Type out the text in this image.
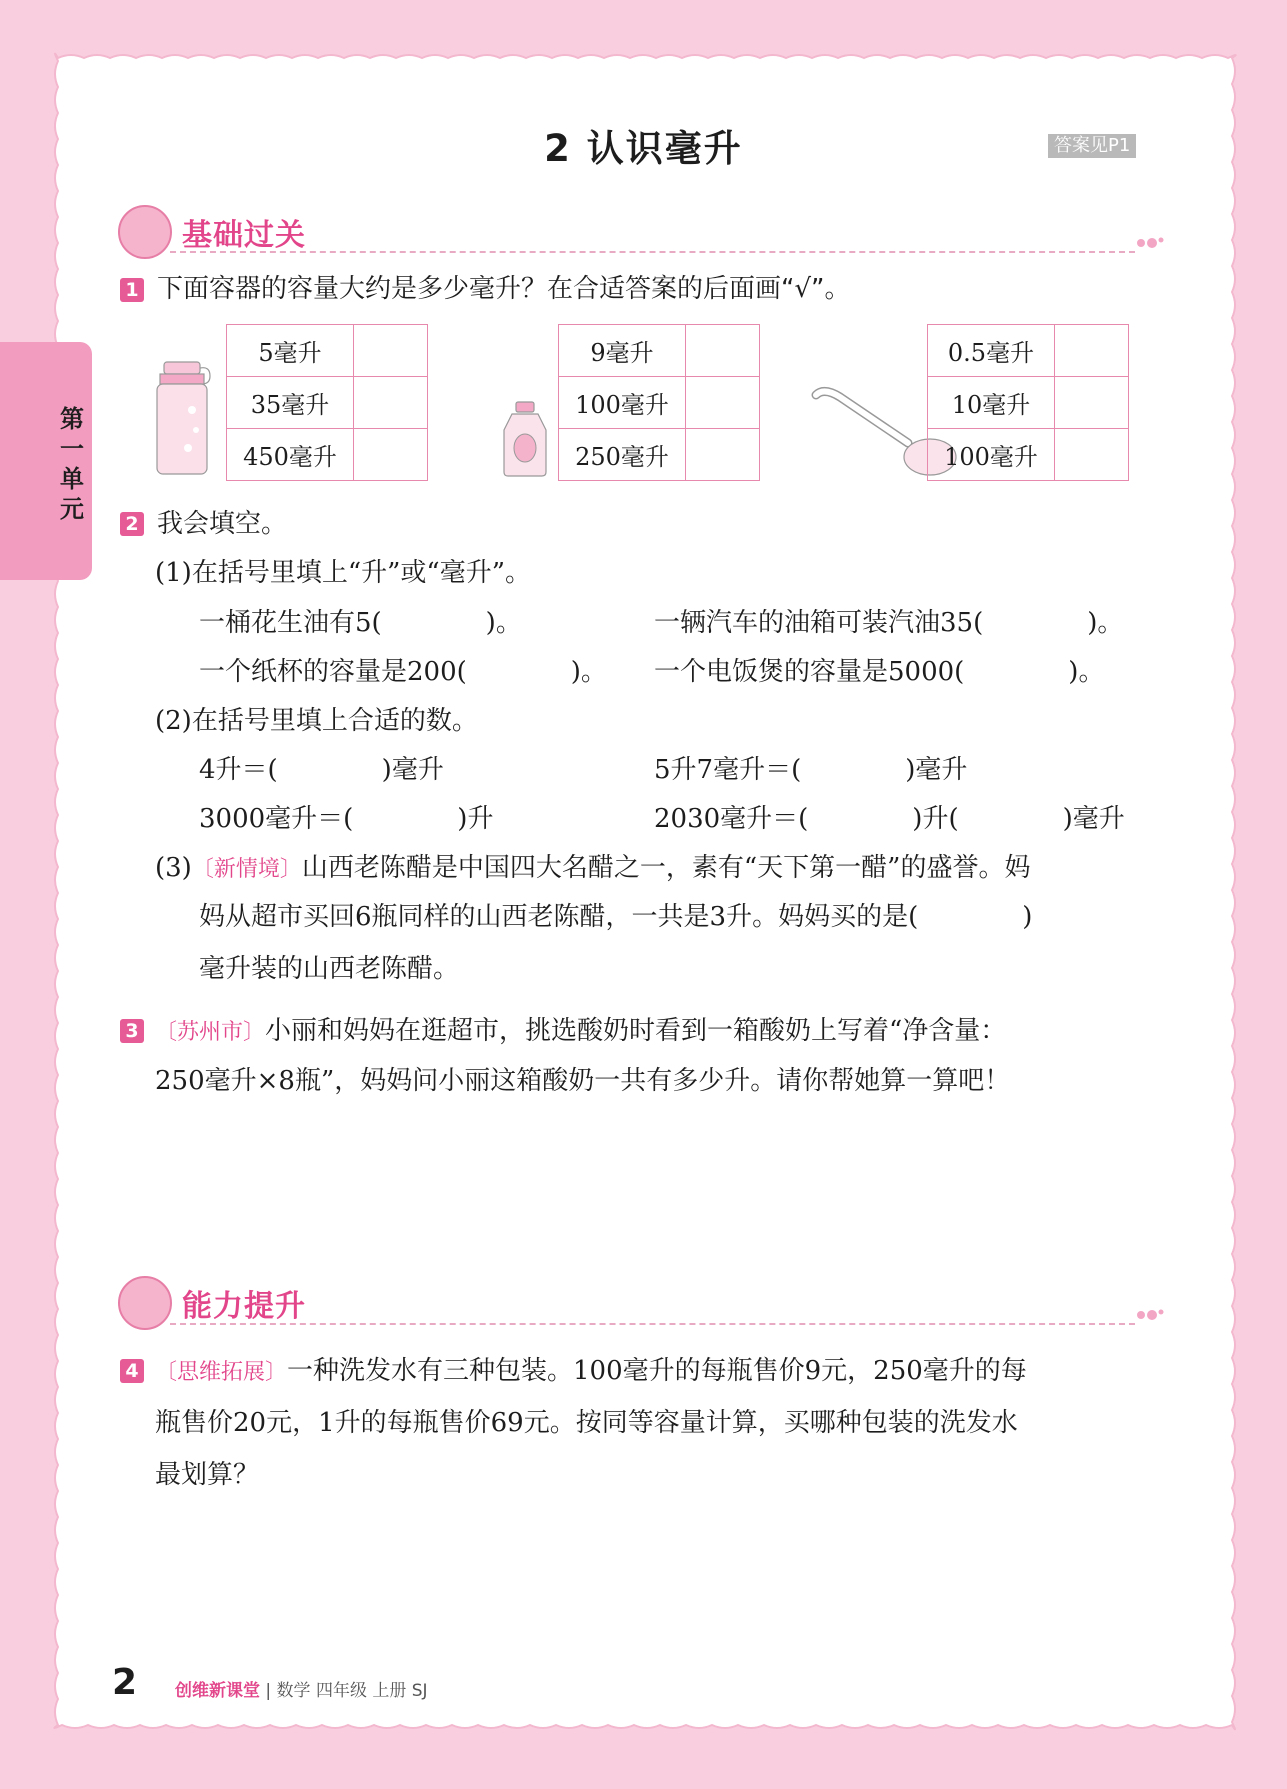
2 认识毫升	答案见P1
第
一
单
元
基础过关
1 下面容器的容量大约是多少毫升？在合适答案的后面画“√”。
5毫升	
35毫升	
450毫升	
9毫升	
100毫升	
250毫升	
0.5毫升	
10毫升	
100毫升	
2 我会填空。
(1)在括号里填上“升”或“毫升”。
一桶花生油有5(　　　　)。	一辆汽车的油箱可装汽油35(　　　　)。
一个纸杯的容量是200(　　　　)。 一个电饭煲的容量是5000(　　　　)。
(2)在括号里填上合适的数。
4升＝(　　　　)毫升	5升7毫升＝(　　　　)毫升
3000毫升＝(　　　　)升	2030毫升＝(　　　　)升(　　　　)毫升
(3)〔新情境〕山西老陈醋是中国四大名醋之一，素有“天下第一醋”的盛誉。妈
妈从超市买回6瓶同样的山西老陈醋，一共是3升。妈妈买的是(　　　　)
毫升装的山西老陈醋。
3 〔苏州市〕小丽和妈妈在逛超市，挑选酸奶时看到一箱酸奶上写着“净含量：
250毫升×8瓶”，妈妈问小丽这箱酸奶一共有多少升。请你帮她算一算吧！
能力提升
4 〔思维拓展〕一种洗发水有三种包装。100毫升的每瓶售价9元，250毫升的每
瓶售价20元，1升的每瓶售价69元。按同等容量计算，买哪种包装的洗发水
最划算？
2 创维新课堂 | 数学 四年级 上册 SJ
